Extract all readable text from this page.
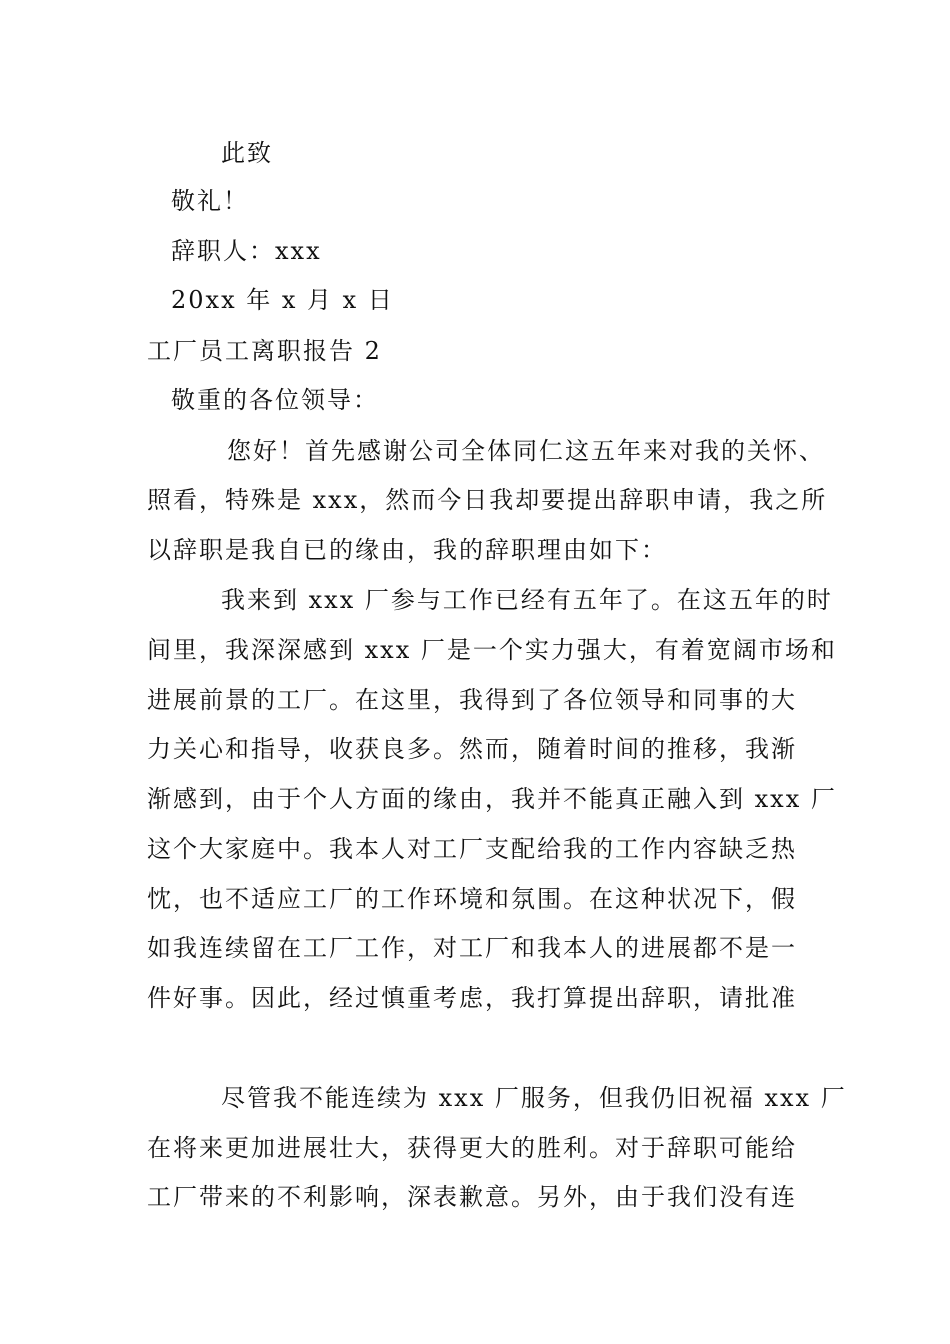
此致
敬礼！
辞职人：xxx
20xx 年 x 月 x 日
工厂员工离职报告 2
敬重的各位领导：
您好！首先感谢公司全体同仁这五年来对我的关怀、
照看，特殊是 xxx，然而今日我却要提出辞职申请，我之所
以辞职是我自已的缘由，我的辞职理由如下：
我来到 xxx 厂参与工作已经有五年了。在这五年的时
间里，我深深感到 xxx 厂是一个实力强大，有着宽阔市场和
进展前景的工厂。在这里，我得到了各位领导和同事的大
力关心和指导，收获良多。然而，随着时间的推移，我渐
渐感到，由于个人方面的缘由，我并不能真正融入到 xxx 厂
这个大家庭中。我本人对工厂支配给我的工作内容缺乏热
忱，也不适应工厂的工作环境和氛围。在这种状况下，假
如我连续留在工厂工作，对工厂和我本人的进展都不是一
件好事。因此，经过慎重考虑，我打算提出辞职，请批准
尽管我不能连续为 xxx 厂服务，但我仍旧祝福 xxx 厂
在将来更加进展壮大，获得更大的胜利。对于辞职可能给
工厂带来的不利影响，深表歉意。另外，由于我们没有连
